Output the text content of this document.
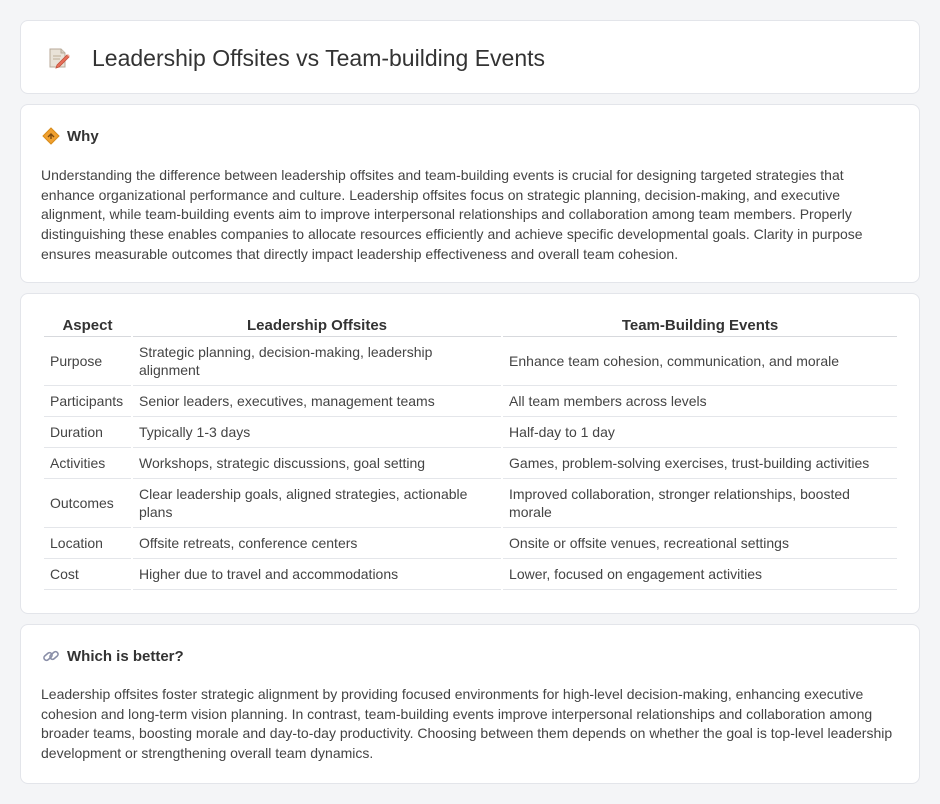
Leadership Offsites vs Team-building Events
Why

Understanding the difference between leadership offsites and team-building events is crucial for designing targeted strategies that enhance organizational performance and culture. Leadership offsites focus on strategic planning, decision-making, and executive alignment, while team-building events aim to improve interpersonal relationships and collaboration among team members. Properly distinguishing these enables companies to allocate resources efficiently and achieve specific developmental goals. Clarity in purpose ensures measurable outcomes that directly impact leadership effectiveness and overall team cohesion.

Aspect	Leadership Offsites	Team-Building Events
Purpose	Strategic planning, decision-making, leadership alignment	Enhance team cohesion, communication, and morale
Participants	Senior leaders, executives, management teams	All team members across levels
Duration	Typically 1-3 days	Half-day to 1 day
Activities	Workshops, strategic discussions, goal setting	Games, problem-solving exercises, trust-building activities
Outcomes	Clear leadership goals, aligned strategies, actionable plans	Improved collaboration, stronger relationships, boosted morale
Location	Offsite retreats, conference centers	Onsite or offsite venues, recreational settings
Cost	Higher due to travel and accommodations	Lower, focused on engagement activities
Which is better?

Leadership offsites foster strategic alignment by providing focused environments for high-level decision-making, enhancing executive cohesion and long-term vision planning. In contrast, team-building events improve interpersonal relationships and collaboration among broader teams, boosting morale and day-to-day productivity. Choosing between them depends on whether the goal is top-level leadership development or strengthening overall team dynamics.
